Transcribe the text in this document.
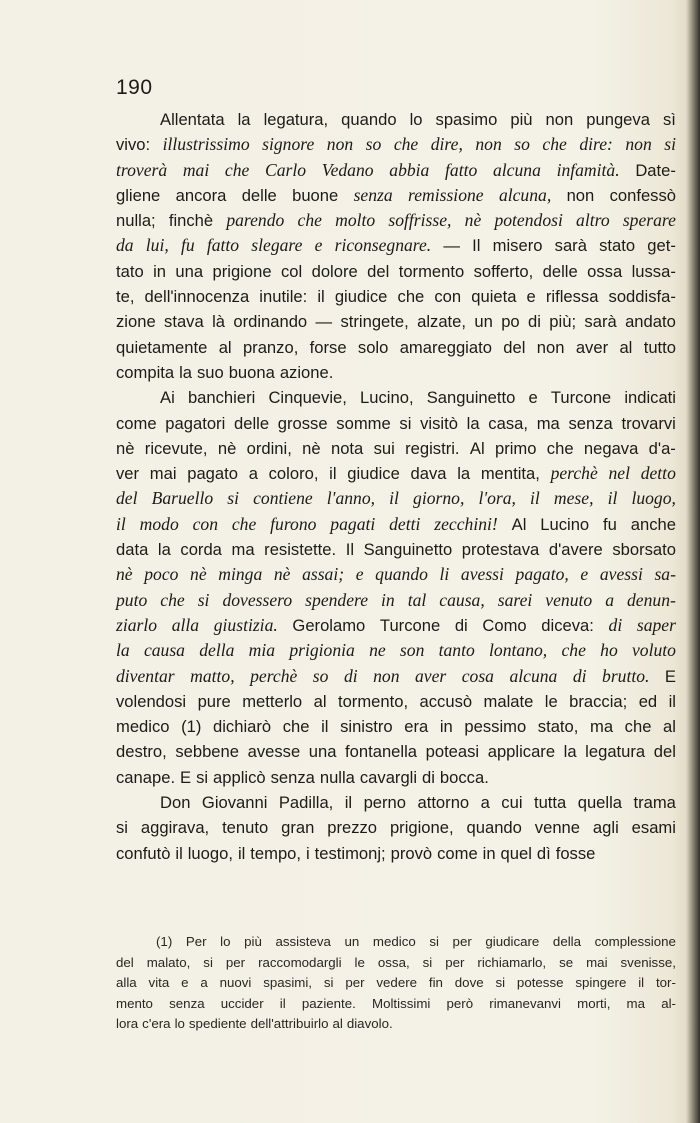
190
Allentata la legatura, quando lo spasimo più non pungeva sì
vivo: illustrissimo signore non so che dire, non so che dire: non si
troverà mai che Carlo Vedano abbia fatto alcuna infamità. Date-
gliene ancora delle buone senza remissione alcuna, non confessò
nulla; finchè parendo che molto soffrisse, nè potendosi altro sperare
da lui, fu fatto slegare e riconsegnare. — Il misero sarà stato get-
tato in una prigione col dolore del tormento sofferto, delle ossa lussa-
te, dell'innocenza inutile: il giudice che con quieta e riflessa soddisfa-
zione stava là ordinando — stringete, alzate, un po di più; sarà andato
quietamente al pranzo, forse solo amareggiato del non aver al tutto
compita la suo buona azione.
Ai banchieri Cinquevie, Lucino, Sanguinetto e Turcone indicati
come pagatori delle grosse somme si visitò la casa, ma senza trovarvi
nè ricevute, nè ordini, nè nota sui registri. Al primo che negava d'a-
ver mai pagato a coloro, il giudice dava la mentita, perchè nel detto
del Baruello si contiene l'anno, il giorno, l'ora, il mese, il luogo,
il modo con che furono pagati detti zecchini! Al Lucino fu anche
data la corda ma resistette. Il Sanguinetto protestava d'avere sborsato
nè poco nè minga nè assai; e quando li avessi pagato, e avessi sa-
puto che si dovessero spendere in tal causa, sarei venuto a denun-
ziarlo alla giustizia. Gerolamo Turcone di Como diceva: di saper
la causa della mia prigionia ne son tanto lontano, che ho voluto
diventar matto, perchè so di non aver cosa alcuna di brutto. E
volendosi pure metterlo al tormento, accusò malate le braccia; ed il
medico (1) dichiarò che il sinistro era in pessimo stato, ma che al
destro, sebbene avesse una fontanella poteasi applicare la legatura del
canape. E si applicò senza nulla cavargli di bocca.
Don Giovanni Padilla, il perno attorno a cui tutta quella trama
si aggirava, tenuto gran prezzo prigione, quando venne agli esami
confutò il luogo, il tempo, i testimonj; provò come in quel dì fosse
(1) Per lo più assisteva un medico si per giudicare della complessione
del malato, si per raccomodargli le ossa, si per richiamarlo, se mai svenisse,
alla vita e a nuovi spasimi, si per vedere fin dove si potesse spingere il tor-
mento senza uccider il paziente. Moltissimi però rimanevanvi morti, ma al-
lora c'era lo spediente dell'attribuirlo al diavolo.
